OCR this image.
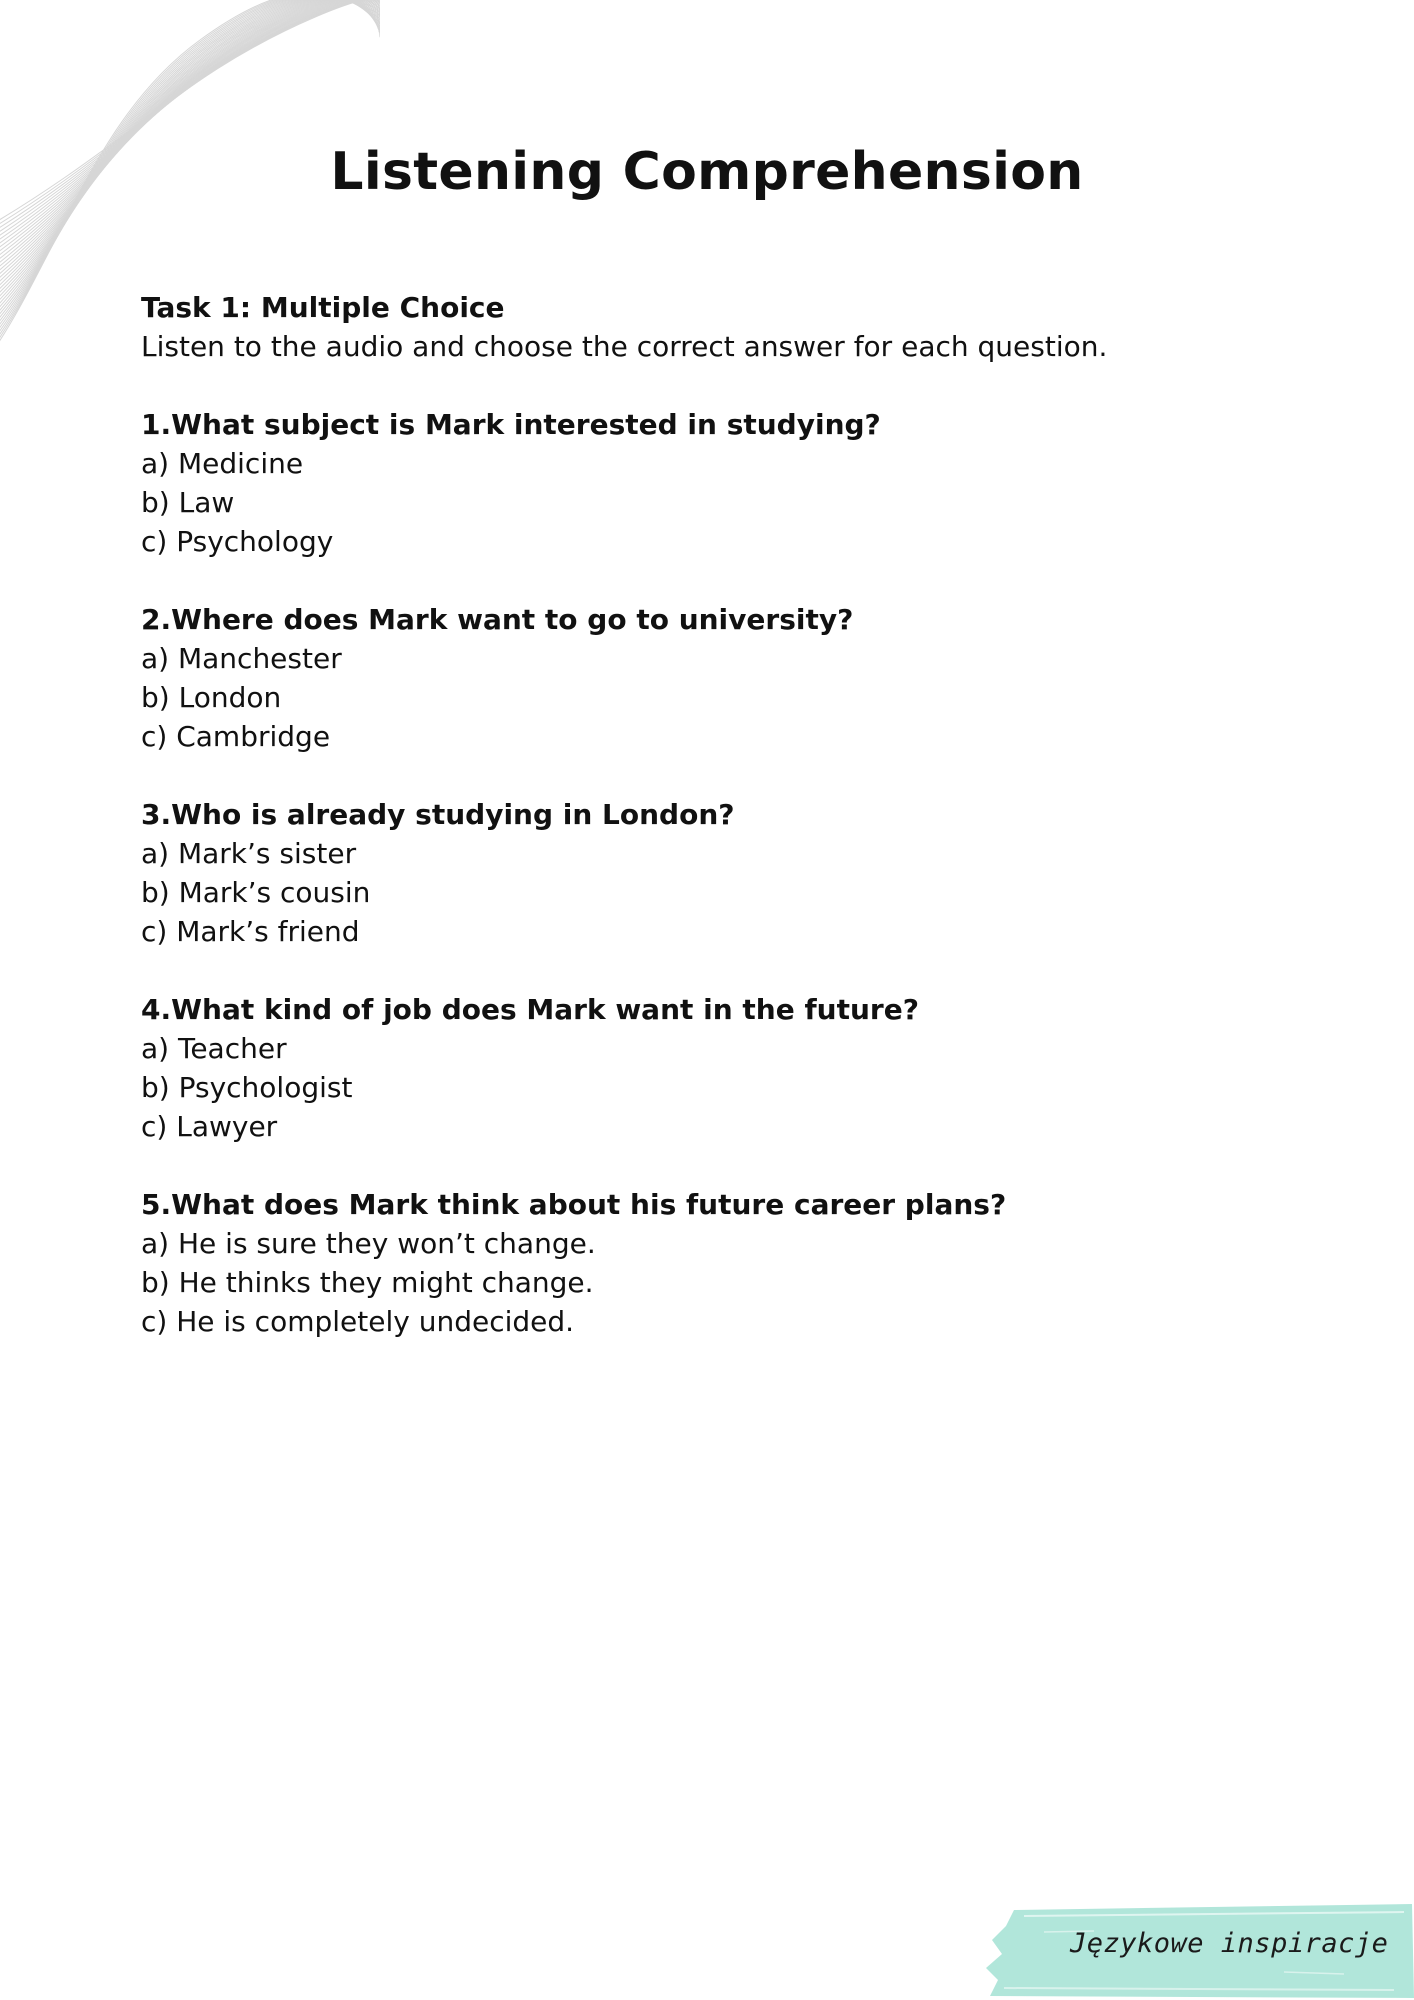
Listening Comprehension
Task 1: Multiple Choice
Listen to the audio and choose the correct answer for each question.
1.What subject is Mark interested in studying?
a) Medicine
b) Law
c) Psychology
2.Where does Mark want to go to university?
a) Manchester
b) London
c) Cambridge
3.Who is already studying in London?
a) Mark’s sister
b) Mark’s cousin
c) Mark’s friend
4.What kind of job does Mark want in the future?
a) Teacher
b) Psychologist
c) Lawyer
5.What does Mark think about his future career plans?
a) He is sure they won’t change.
b) He thinks they might change.
c) He is completely undecided.
Językowe inspiracje
